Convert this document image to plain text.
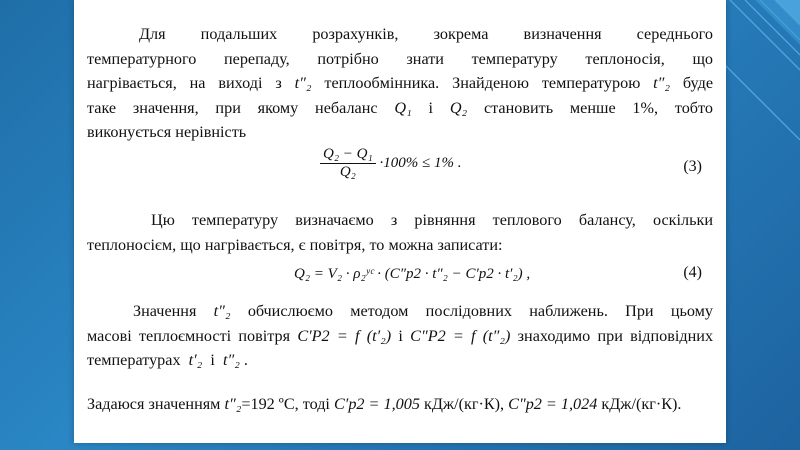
Для подальших розрахунків, зокрема визначення середнього
температурного перепаду, потрібно знати температуру теплоносія, що
нагрівається, на виході з t″₂ теплообмінника. Знайденою температурою t″₂ буде
таке значення, при якому небаланс Q₁ і Q₂ становить менше 1%, тобто
виконується нерівність
$\frac{\text{Q₂ − Q₁}}{\text{Q₂}} \cdot 100\% \le 1\%$ .	(3)
Цю температуру визначаємо з рівняння теплового балансу, оскільки
теплоносієм, що нагрівається, є повітря, то можна записати:
Q₂ = V₂ · ρ₂ʸᶜ · (C″p2 · t″₂ − C′p2 · t′₂) ,	(4)
Значення t″₂ обчислюємо методом послідовних наближень. При цьому
масові теплоємності повітря C′P2 = f (t′₂) і C″P2 = f (t″₂) знаходимо при відповідних
температурах t′₂ і t″₂ .
Задаюся значенням t″₂=192 ºС, тоді C′p2 = 1,005 кДж/(кг·К), C″p2 = 1,024 кДж/(кг·К).
